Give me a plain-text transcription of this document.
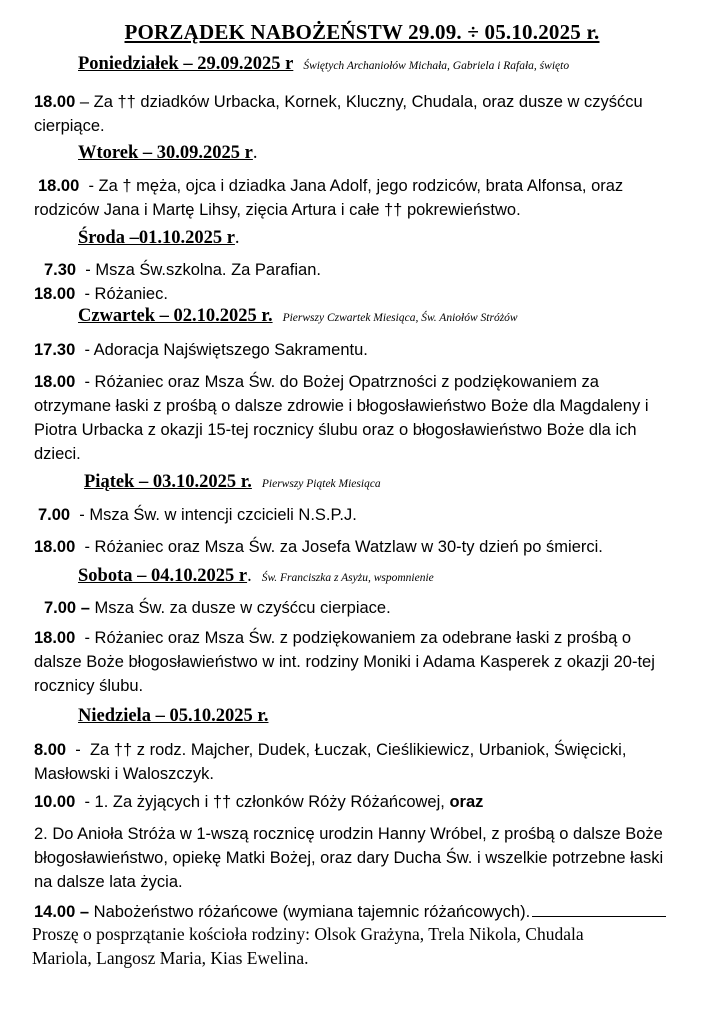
PORZĄDEK NABOŻEŃSTW 29.09. ÷ 05.10.2025 r.
Poniedziałek – 29.09.2025 r Świętych Archaniołów Michała, Gabriela i Rafała, święto
18.00 – Za †† dziadków Urbacka, Kornek, Kluczny, Chudala, oraz dusze w czyśćcu
cierpiące.
Wtorek – 30.09.2025 r.
18.00  - Za † męża, ojca i dziadka Jana Adolf, jego rodziców, brata Alfonsa, oraz
rodziców Jana i Martę Lihsy, zięcia Artura i całe †† pokrewieństwo.
Środa –01.10.2025 r.
7.30  - Msza Św.szkolna. Za Parafian.
18.00  - Różaniec.
Czwartek – 02.10.2025 r. Pierwszy Czwartek Miesiąca, Św. Aniołów Stróżów
17.30  - Adoracja Najświętszego Sakramentu.
18.00  - Różaniec oraz Msza Św. do Bożej Opatrzności z podziękowaniem za
otrzymane łaski z prośbą o dalsze zdrowie i błogosławieństwo Boże dla Magdaleny i
Piotra Urbacka z okazji 15-tej rocznicy ślubu oraz o błogosławieństwo Boże dla ich
dzieci.
Piątek – 03.10.2025 r. Pierwszy Piątek Miesiąca
7.00  - Msza Św. w intencji czcicieli N.S.P.J.
18.00  - Różaniec oraz Msza Św. za Josefa Watzlaw w 30-ty dzień po śmierci.
Sobota – 04.10.2025 r. Św. Franciszka z Asyżu, wspomnienie
7.00 – Msza Św. za dusze w czyśćcu cierpiace.
18.00  - Różaniec oraz Msza Św. z podziękowaniem za odebrane łaski z prośbą o
dalsze Boże błogosławieństwo w int. rodziny Moniki i Adama Kasperek z okazji 20-tej
rocznicy ślubu.
Niedziela – 05.10.2025 r.
8.00  -  Za †† z rodz. Majcher, Dudek, Łuczak, Cieślikiewicz, Urbaniok, Święcicki,
Masłowski i Waloszczyk.
10.00  - 1. Za żyjących i †† członków Róży Różańcowej, oraz
2. Do Anioła Stróża w 1-wszą rocznicę urodzin Hanny Wróbel, z prośbą o dalsze Boże
błogosławieństwo, opiekę Matki Bożej, oraz dary Ducha Św. i wszelkie potrzebne łaski
na dalsze lata życia.
14.00 – Nabożeństwo różańcowe (wymiana tajemnic różańcowych).
Proszę o posprzątanie kościoła rodziny: Olsok Grażyna, Trela Nikola, Chudala
Mariola, Langosz Maria, Kias Ewelina.
